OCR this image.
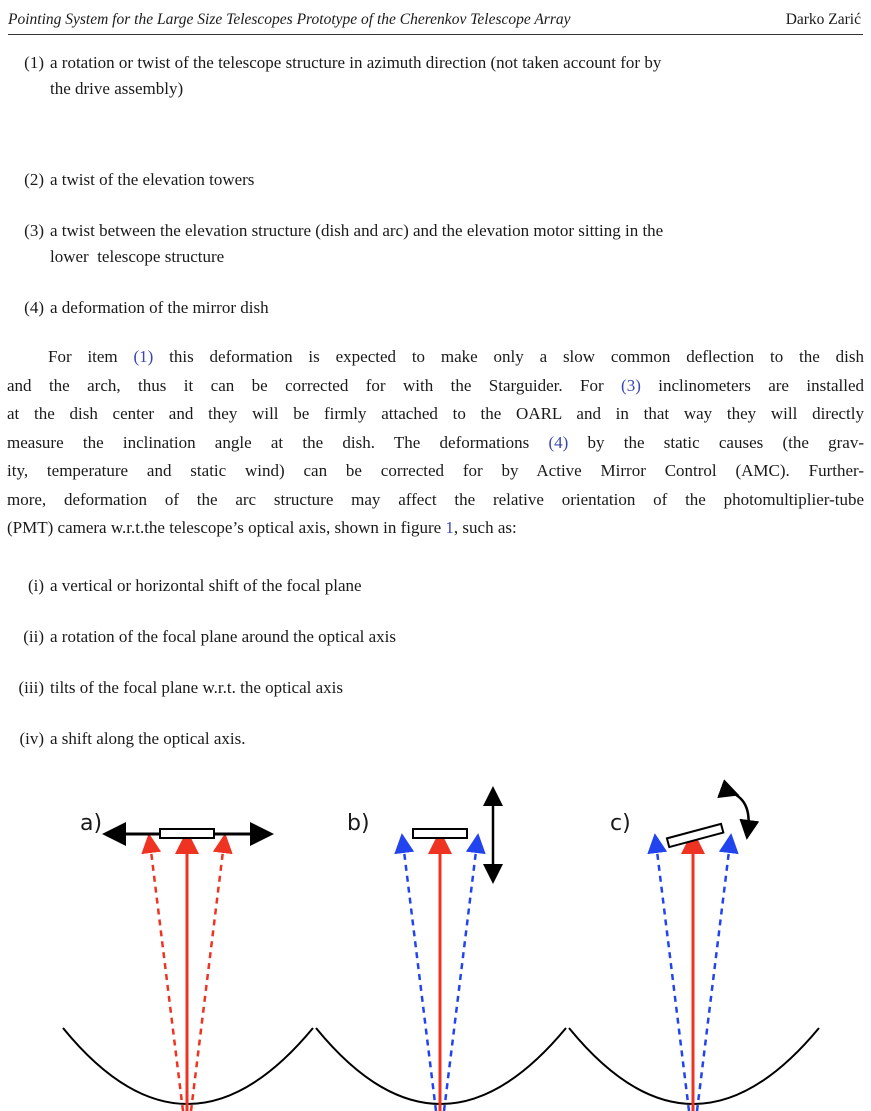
Pointing System for the Large Size Telescopes Prototype of the Cherenkov Telescope Array	Darko Zarić
(1) a rotation or twist of the telescope structure in azimuth direction (not taken account for by
the drive assembly)
(2) a twist of the elevation towers
(3) a twist between the elevation structure (dish and arc) and the elevation motor sitting in the
lower  telescope structure
(4) a deformation of the mirror dish
For item (1) this deformation is expected to make only a slow common deflection to the dish
and the arch, thus it can be corrected for with the Starguider. For (3) inclinometers are installed
at the dish center and they will be firmly attached to the OARL and in that way they will directly
measure the inclination angle at the dish. The deformations (4) by the static causes (the grav-
ity, temperature and static wind) can be corrected for by Active Mirror Control (AMC). Further-
more, deformation of the arc structure may affect the relative orientation of the photomultiplier-tube
(PMT) camera w.r.t.the telescope’s optical axis, shown in figure 1, such as:
(i) a vertical or horizontal shift of the focal plane
(ii) a rotation of the focal plane around the optical axis
(iii) tilts of the focal plane w.r.t. the optical axis
(iv) a shift along the optical axis.
a)	b)	c)
